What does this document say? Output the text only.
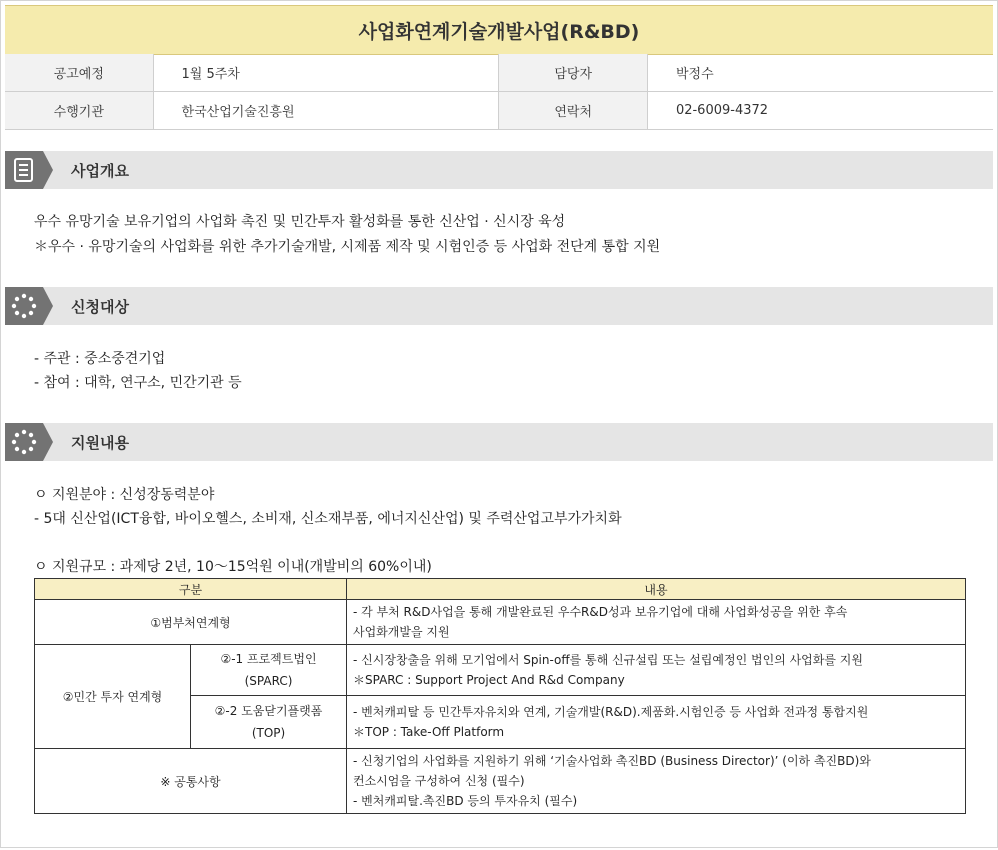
사업화연계기술개발사업(R&BD)
공고예정	1월 5주차	담당자	박정수
수행기관	한국산업기술진흥원	연락처	02-6009-4372
사업개요
우수 유망기술 보유기업의 사업화 촉진 및 민간투자 활성화를 통한 신산업 · 신시장 육성
＊우수 · 유망기술의 사업화를 위한 추가기술개발, 시제품 제작 및 시험인증 등 사업화 전단계 통합 지원
신청대상
- 주관 : 중소중견기업
- 참여 : 대학, 연구소, 민간기관 등
지원내용
ㅇ 지원분야 : 신성장동력분야
- 5대 신산업(ICT융합, 바이오헬스, 소비재, 신소재부품, 에너지신산업) 및 주력산업고부가가치화
ㅇ 지원규모 : 과제당 2년, 10～15억원 이내(개발비의 60%이내)
구분		내용
①범부처연계형		- 각 부처 R&D사업을 통해 개발완료된 우수R&D성과 보유기업에 대해 사업화성공을 위한 후속
사업화개발을 지원

②민간 투자 연계형	②-1 프로젝트법인
(SPARC)	- 신시장창출을 위해 모기업에서 Spin-off를 통해 신규설립 또는 설립예정인 법인의 사업화를 지원
＊SPARC : Support Project And R&d Company

	②-2 도움닫기플랫폼
(TOP)	- 벤처캐피탈 등 민간투자유치와 연계, 기술개발(R&D).제품화.시험인증 등 사업화 전과정 통합지원
＊TOP : Take-Off Platform

※ 공통사항		- 신청기업의 사업화를 지원하기 위해 ‘기술사업화 촉진BD (Business Director)’ (이하 촉진BD)와
컨소시엄을 구성하여 신청 (필수)
- 벤처캐피탈.촉진BD 등의 투자유치 (필수)
